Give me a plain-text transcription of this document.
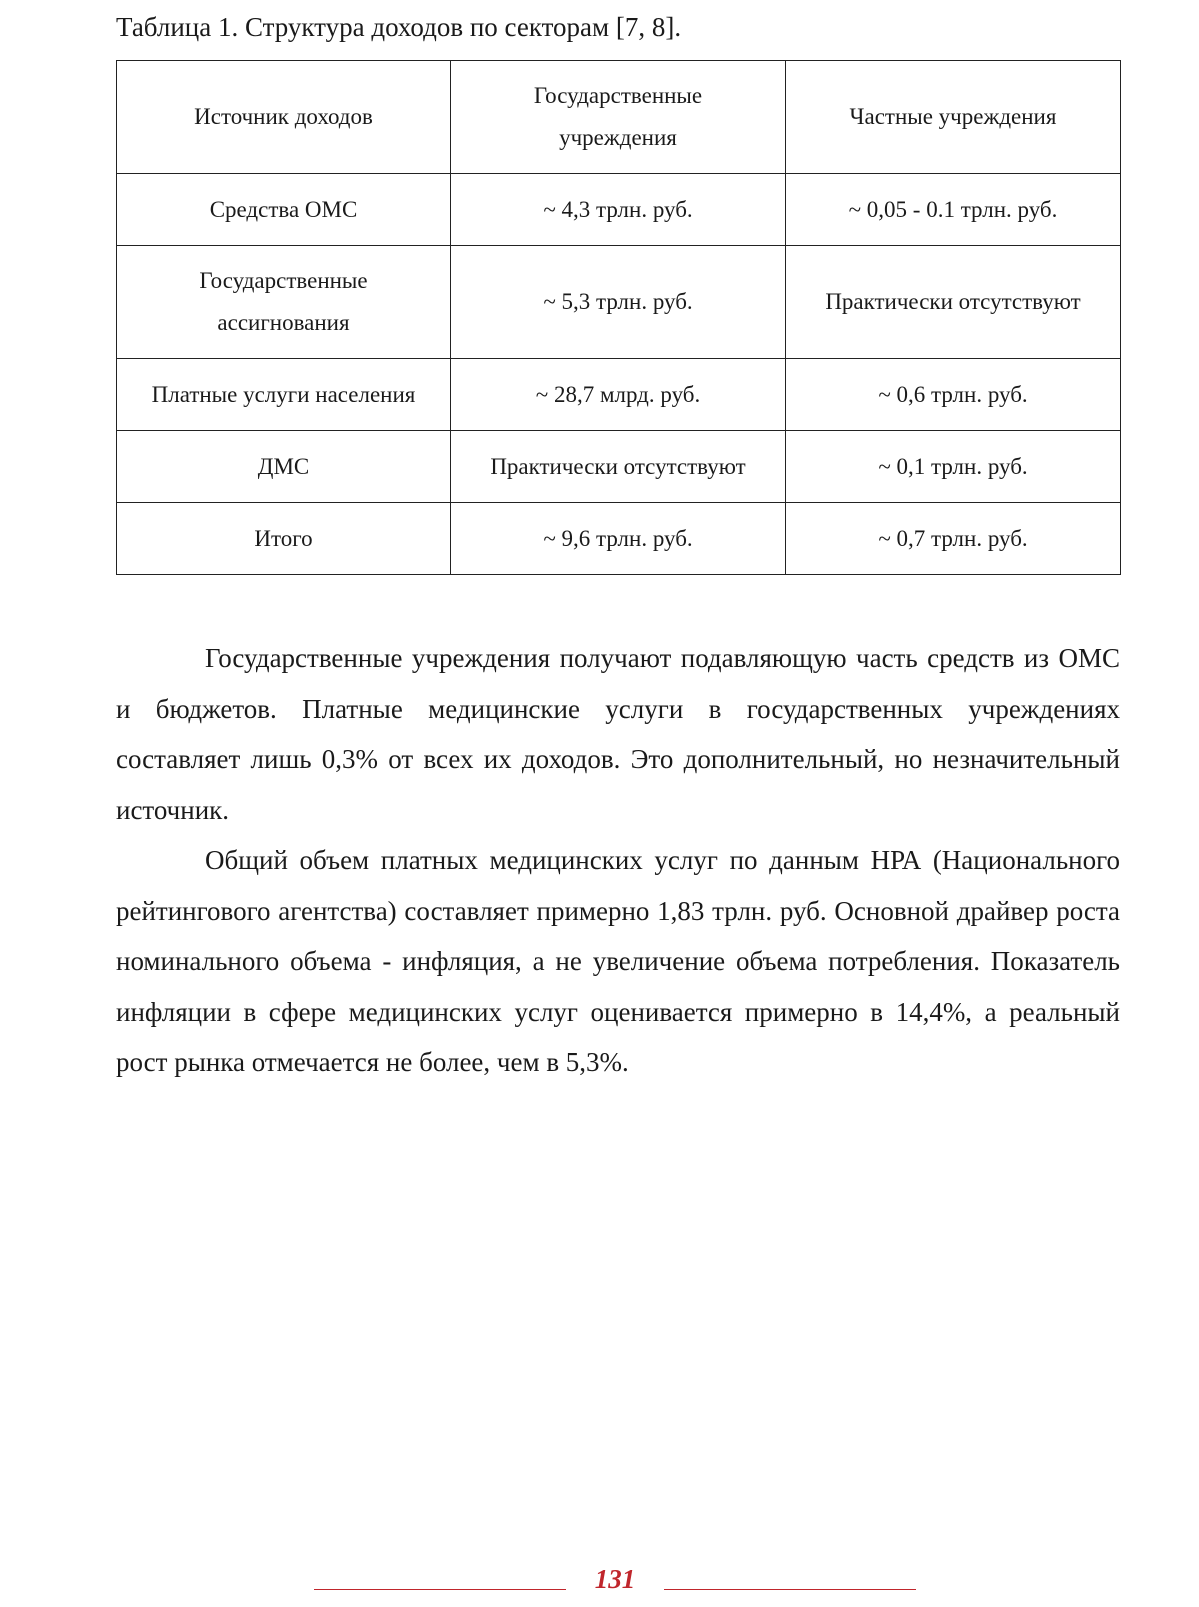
Таблица 1. Структура доходов по секторам [7, 8].
Источник доходов	Государственные учреждения	Частные учреждения
Средства ОМС	~ 4,3 трлн. руб.	~ 0,05 - 0.1 трлн. руб.
Государственные ассигнования	~ 5,3 трлн. руб.	Практически отсутствуют
Платные услуги населения	~ 28,7 млрд. руб.	~ 0,6 трлн. руб.
ДМС	Практически отсутствуют	~ 0,1 трлн. руб.
Итого	~ 9,6 трлн. руб.	~ 0,7 трлн. руб.

Государственные учреждения получают подавляющую часть средств из ОМС и бюджетов. Платные медицинские услуги в государственных учреждениях составляет лишь 0,3% от всех их доходов. Это дополнительный, но незначительный источник.

Общий объем платных медицинских услуг по данным НРА (Национального рейтингового агентства) составляет примерно 1,83 трлн. руб. Основной драйвер роста номинального объема - инфляция, а не увеличение объема потребления. Показатель инфляции в сфере медицинских услуг оценивается примерно в 14,4%, а реальный рост рынка отмечается не более, чем в 5,3%.

131
